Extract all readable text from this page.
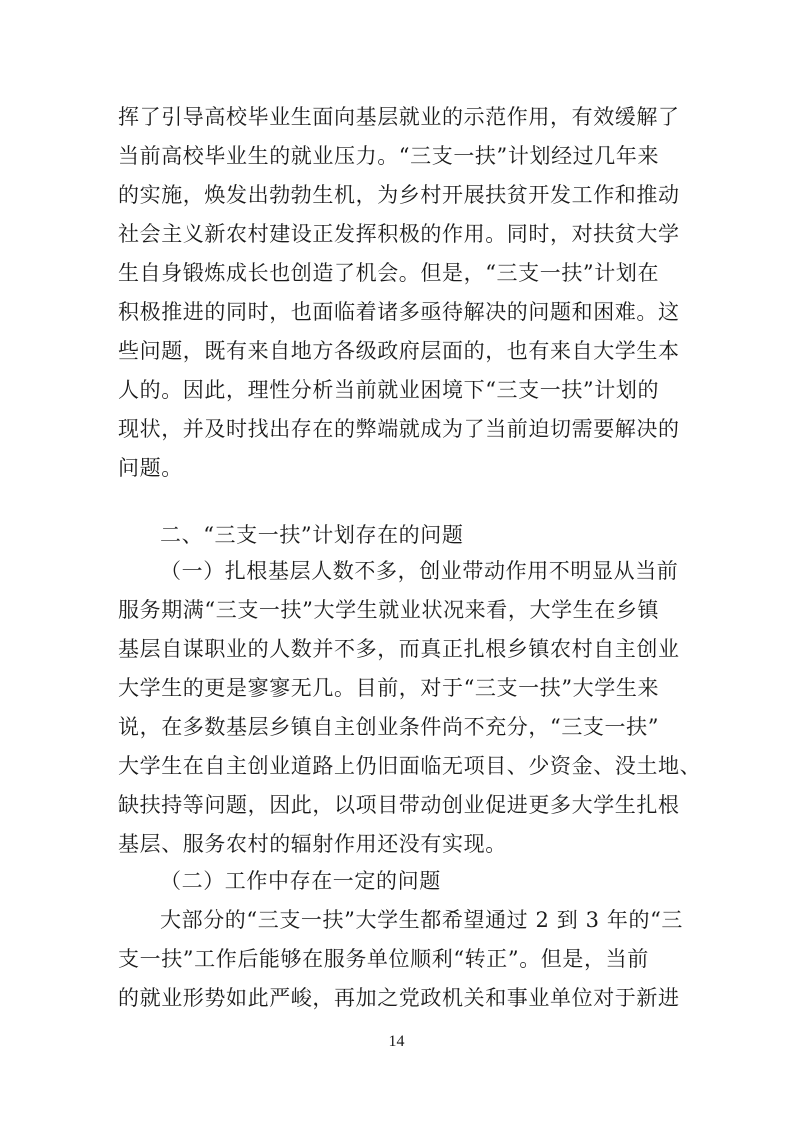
挥了引导高校毕业生面向基层就业的示范作用，有效缓解了
当前高校毕业生的就业压力。“三支一扶”计划经过几年来
的实施，焕发出勃勃生机，为乡村开展扶贫开发工作和推动
社会主义新农村建设正发挥积极的作用。同时，对扶贫大学
生自身锻炼成长也创造了机会。但是，“三支一扶”计划在
积极推进的同时，也面临着诸多亟待解决的问题和困难。这
些问题，既有来自地方各级政府层面的，也有来自大学生本
人的。因此，理性分析当前就业困境下“三支一扶”计划的
现状，并及时找出存在的弊端就成为了当前迫切需要解决的
问题。
二、“三支一扶”计划存在的问题
（一）扎根基层人数不多，创业带动作用不明显从当前
服务期满“三支一扶”大学生就业状况来看，大学生在乡镇
基层自谋职业的人数并不多，而真正扎根乡镇农村自主创业
大学生的更是寥寥无几。目前，对于“三支一扶”大学生来
说，在多数基层乡镇自主创业条件尚不充分，“三支一扶”
大学生在自主创业道路上仍旧面临无项目、少资金、没土地、
缺扶持等问题，因此，以项目带动创业促进更多大学生扎根
基层、服务农村的辐射作用还没有实现。
（二）工作中存在一定的问题
大部分的“三支一扶”大学生都希望通过 2 到 3 年的“三
支一扶”工作后能够在服务单位顺利“转正”。但是，当前
的就业形势如此严峻，再加之党政机关和事业单位对于新进
14
